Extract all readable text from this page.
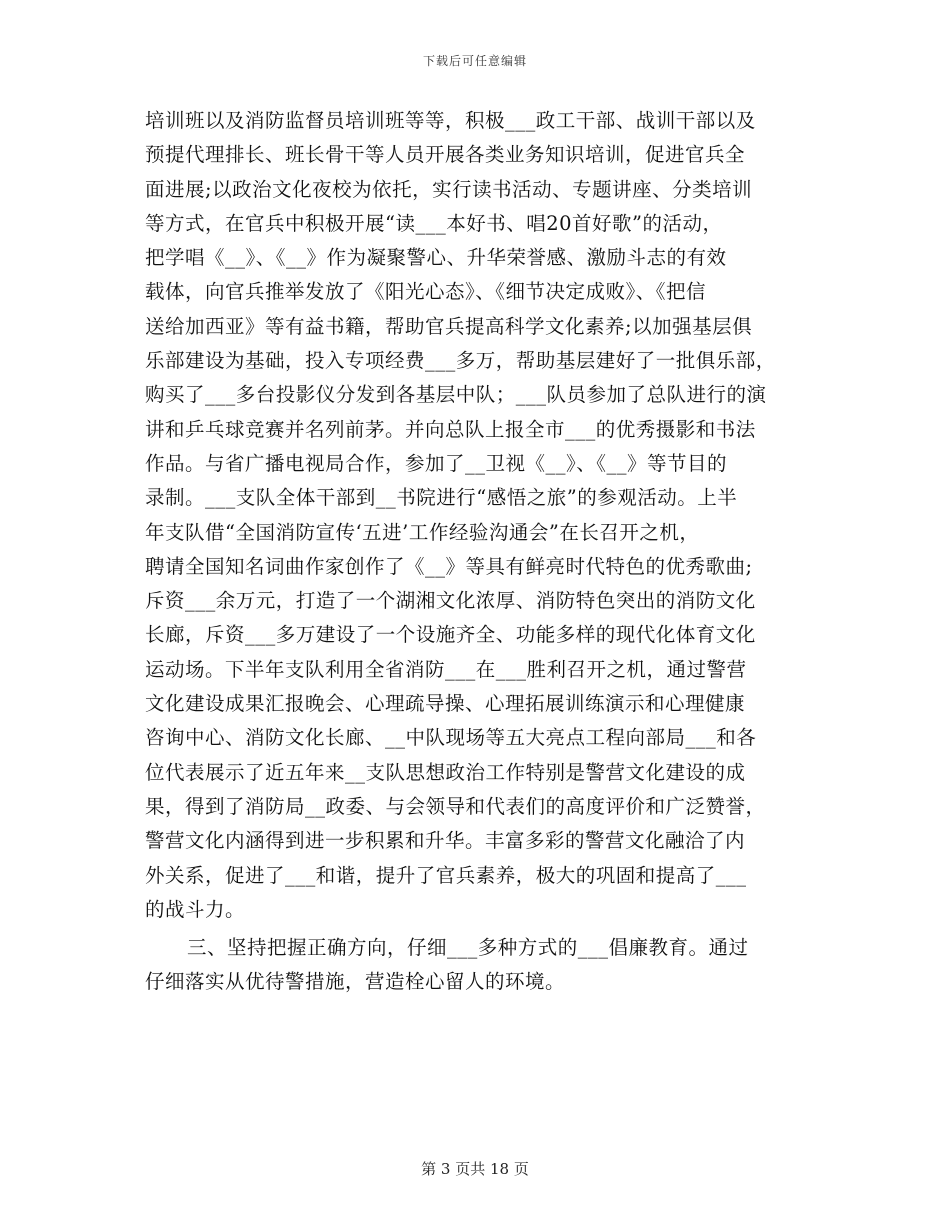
下载后可任意编辑
培训班以及消防监督员培训班等等，积极___政工干部、战训干部以及
预提代理排长、班长骨干等人员开展各类业务知识培训，促进官兵全
面进展;以政治文化夜校为依托，实行读书活动、专题讲座、分类培训
等方式，在官兵中积极开展“读___本好书、唱20首好歌”的活动，
把学唱《__》、《__》作为凝聚警心、升华荣誉感、激励斗志的有效
载体，向官兵推举发放了《阳光心态》、《细节决定成败》、《把信
送给加西亚》等有益书籍，帮助官兵提高科学文化素养;以加强基层俱
乐部建设为基础，投入专项经费___多万，帮助基层建好了一批俱乐部，
购买了___多台投影仪分发到各基层中队；___队员参加了总队进行的演
讲和乒乓球竞赛并名列前茅。并向总队上报全市___的优秀摄影和书法
作品。与省广播电视局合作，参加了__卫视《__》、《__》等节目的
录制。___支队全体干部到__书院进行“感悟之旅”的参观活动。上半
年支队借“全国消防宣传‘五进’工作经验沟通会”在长召开之机，
聘请全国知名词曲作家创作了《__》等具有鲜亮时代特色的优秀歌曲;
斥资___余万元，打造了一个湖湘文化浓厚、消防特色突出的消防文化
长廊，斥资___多万建设了一个设施齐全、功能多样的现代化体育文化
运动场。下半年支队利用全省消防___在___胜利召开之机，通过警营
文化建设成果汇报晚会、心理疏导操、心理拓展训练演示和心理健康
咨询中心、消防文化长廊、__中队现场等五大亮点工程向部局___和各
位代表展示了近五年来__支队思想政治工作特别是警营文化建设的成
果，得到了消防局__政委、与会领导和代表们的高度评价和广泛赞誉，
警营文化内涵得到进一步积累和升华。丰富多彩的警营文化融洽了内
外关系，促进了___和谐，提升了官兵素养，极大的巩固和提高了___
的战斗力。
三、坚持把握正确方向，仔细___多种方式的___倡廉教育。通过
仔细落实从优待警措施，营造栓心留人的环境。
第 3 页共 18 页
